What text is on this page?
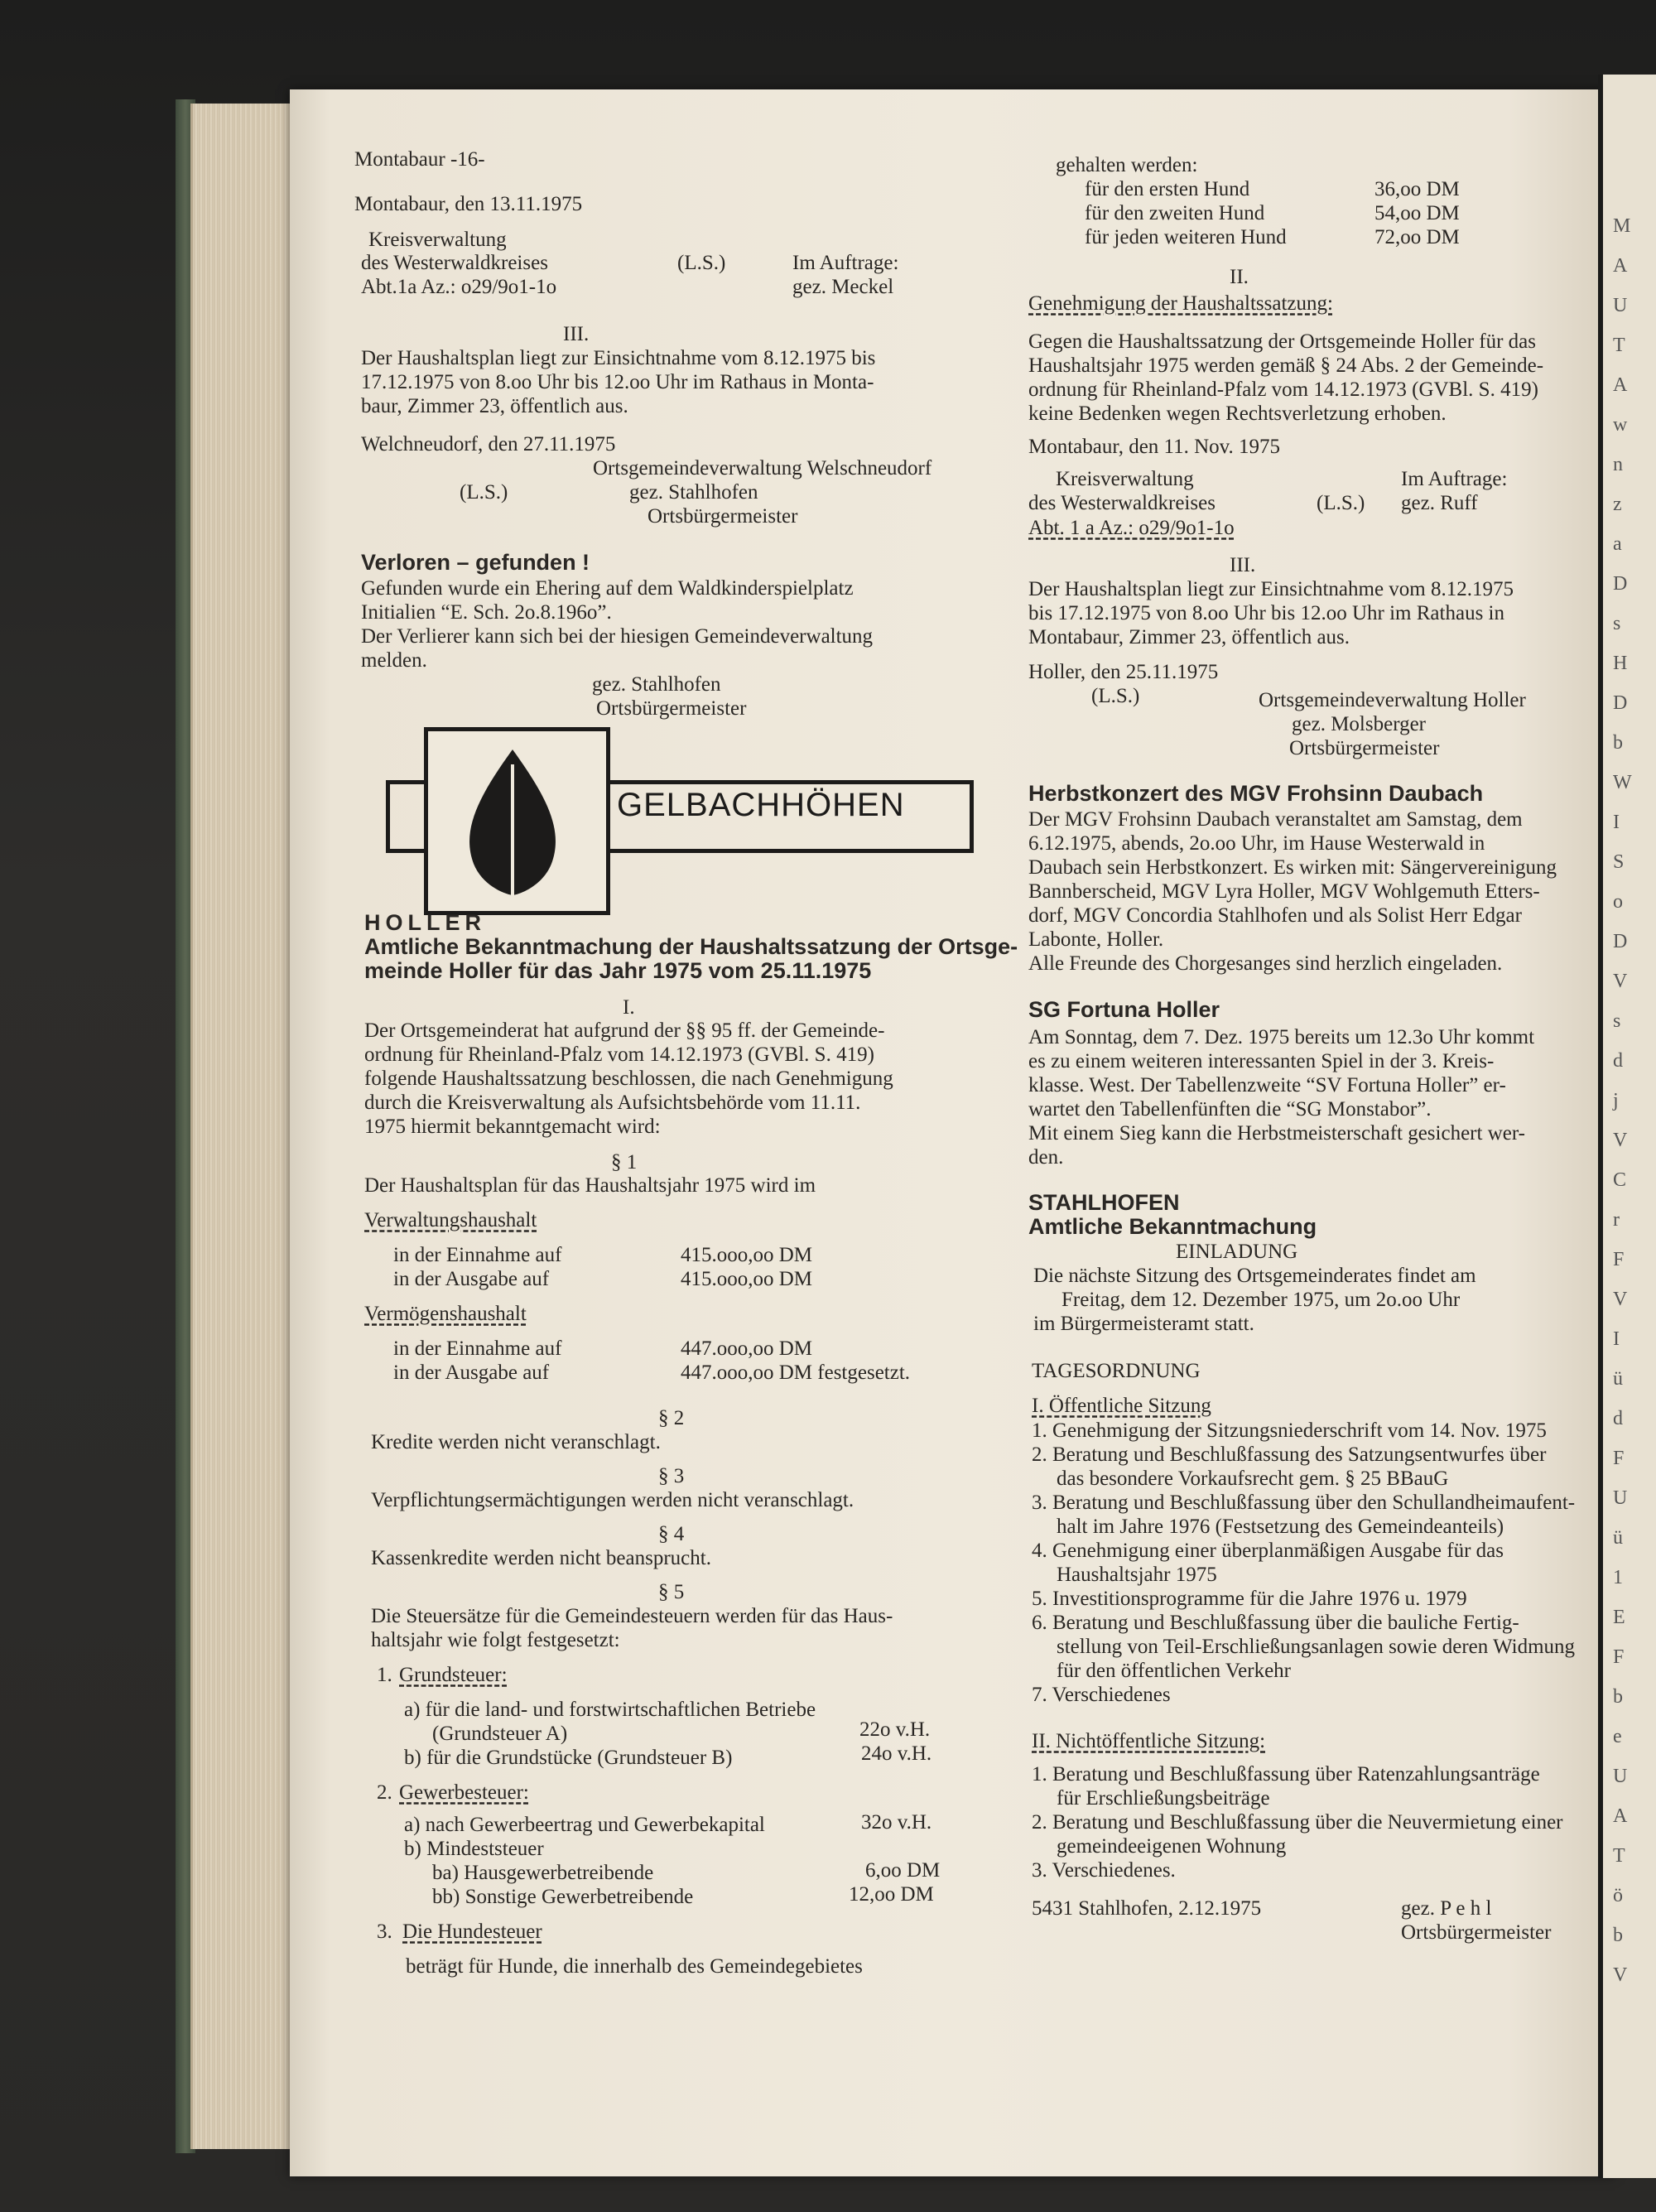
M
A
U
T
A
w
n
z
a
D
s
H
D
b
W
I
S
o
D
V
s
d
j
V
C
r
F
V
I
ü
d
F
U
ü
1
E
F
b
e
U
A
T
ö
b
V
Montabaur -16-
Montabaur, den 13.11.1975
Kreisverwaltung
des Westerwaldkreises	(L.S.)	Im Auftrage:
Abt.1a Az.: o29/9o1-1o	gez. Meckel
III.
Der Haushaltsplan liegt zur Einsichtnahme vom 8.12.1975 bis
17.12.1975 von 8.oo Uhr bis 12.oo Uhr im Rathaus in Monta-
baur, Zimmer 23, öffentlich aus.
Welchneudorf, den 27.11.1975
Ortsgemeindeverwaltung Welschneudorf
(L.S.)	gez. Stahlhofen
Ortsbürgermeister
Verloren – gefunden !
Gefunden wurde ein Ehering auf dem Waldkinderspielplatz
Initialien “E. Sch. 2o.8.196o”.
Der Verlierer kann sich bei der hiesigen Gemeindeverwaltung
melden.
gez. Stahlhofen
Ortsbürgermeister
GELBACHHÖHEN
HOLLER
Amtliche Bekanntmachung der Haushaltssatzung der Ortsge-
meinde Holler für das Jahr 1975 vom 25.11.1975
I.
Der Ortsgemeinderat hat aufgrund der §§ 95 ff. der Gemeinde-
ordnung für Rheinland-Pfalz vom 14.12.1973 (GVBl. S. 419)
folgende Haushaltssatzung beschlossen, die nach Genehmigung
durch die Kreisverwaltung als Aufsichtsbehörde vom 11.11.
1975 hiermit bekanntgemacht wird:
§ 1
Der Haushaltsplan für das Haushaltsjahr 1975 wird im
Verwaltungshaushalt
in der Einnahme auf	415.ooo,oo DM
in der Ausgabe auf	415.ooo,oo DM
Vermögenshaushalt
in der Einnahme auf	447.ooo,oo DM
in der Ausgabe auf	447.ooo,oo DM festgesetzt.
§ 2
Kredite werden nicht veranschlagt.
§ 3
Verpflichtungsermächtigungen werden nicht veranschlagt.
§ 4
Kassenkredite werden nicht beansprucht.
§ 5
Die Steuersätze für die Gemeindesteuern werden für das Haus-
haltsjahr wie folgt festgesetzt:
1. Grundsteuer:
a) für die land- und forstwirtschaftlichen Betriebe
(Grundsteuer A)	22o v.H.
b) für die Grundstücke (Grundsteuer B)	24o v.H.
2. Gewerbesteuer:
a) nach Gewerbeertrag und Gewerbekapital	32o v.H.
b) Mindeststeuer
ba) Hausgewerbetreibende	6,oo DM
bb) Sonstige Gewerbetreibende	12,oo DM
3. Die Hundesteuer
beträgt für Hunde, die innerhalb des Gemeindegebietes
gehalten werden:
für den ersten Hund	36,oo DM
für den zweiten Hund	54,oo DM
für jeden weiteren Hund	72,oo DM
II.
Genehmigung der Haushaltssatzung:
Gegen die Haushaltssatzung der Ortsgemeinde Holler für das
Haushaltsjahr 1975 werden gemäß § 24 Abs. 2 der Gemeinde-
ordnung für Rheinland-Pfalz vom 14.12.1973 (GVBl. S. 419)
keine Bedenken wegen Rechtsverletzung erhoben.
Montabaur, den 11. Nov. 1975
Kreisverwaltung	Im Auftrage:
des Westerwaldkreises	(L.S.) gez. Ruff
Abt. 1 a Az.: o29/9o1-1o
III.
Der Haushaltsplan liegt zur Einsichtnahme vom 8.12.1975
bis 17.12.1975 von 8.oo Uhr bis 12.oo Uhr im Rathaus in
Montabaur, Zimmer 23, öffentlich aus.
Holler, den 25.11.1975
(L.S.)	Ortsgemeindeverwaltung Holler
gez. Molsberger
Ortsbürgermeister
Herbstkonzert des MGV Frohsinn Daubach
Der MGV Frohsinn Daubach veranstaltet am Samstag, dem
6.12.1975, abends, 2o.oo Uhr, im Hause Westerwald in
Daubach sein Herbstkonzert. Es wirken mit: Sängervereinigung
Bannberscheid, MGV Lyra Holler, MGV Wohlgemuth Etters-
dorf, MGV Concordia Stahlhofen und als Solist Herr Edgar
Labonte, Holler.
Alle Freunde des Chorgesanges sind herzlich eingeladen.
SG Fortuna Holler
Am Sonntag, dem 7. Dez. 1975 bereits um 12.3o Uhr kommt
es zu einem weiteren interessanten Spiel in der 3. Kreis-
klasse. West. Der Tabellenzweite “SV Fortuna Holler” er-
wartet den Tabellenfünften die “SG Monstabor”.
Mit einem Sieg kann die Herbstmeisterschaft gesichert wer-
den.
STAHLHOFEN
Amtliche Bekanntmachung
EINLADUNG
Die nächste Sitzung des Ortsgemeinderates findet am
Freitag, dem 12. Dezember 1975, um 2o.oo Uhr
im Bürgermeisteramt statt.
TAGESORDNUNG
I. Öffentliche Sitzung
1. Genehmigung der Sitzungsniederschrift vom 14. Nov. 1975
2. Beratung und Beschlußfassung des Satzungsentwurfes über
das besondere Vorkaufsrecht gem. § 25 BBauG
3. Beratung und Beschlußfassung über den Schullandheimaufent-
halt im Jahre 1976 (Festsetzung des Gemeindeanteils)
4. Genehmigung einer überplanmäßigen Ausgabe für das
Haushaltsjahr 1975
5. Investitionsprogramme für die Jahre 1976 u. 1979
6. Beratung und Beschlußfassung über die bauliche Fertig-
stellung von Teil-Erschließungsanlagen sowie deren Widmung
für den öffentlichen Verkehr
7. Verschiedenes
II. Nichtöffentliche Sitzung:
1. Beratung und Beschlußfassung über Ratenzahlungsanträge
für Erschließungsbeiträge
2. Beratung und Beschlußfassung über die Neuvermietung einer
gemeindeeigenen Wohnung
3. Verschiedenes.
5431 Stahlhofen, 2.12.1975	gez. P e h l
Ortsbürgermeister
